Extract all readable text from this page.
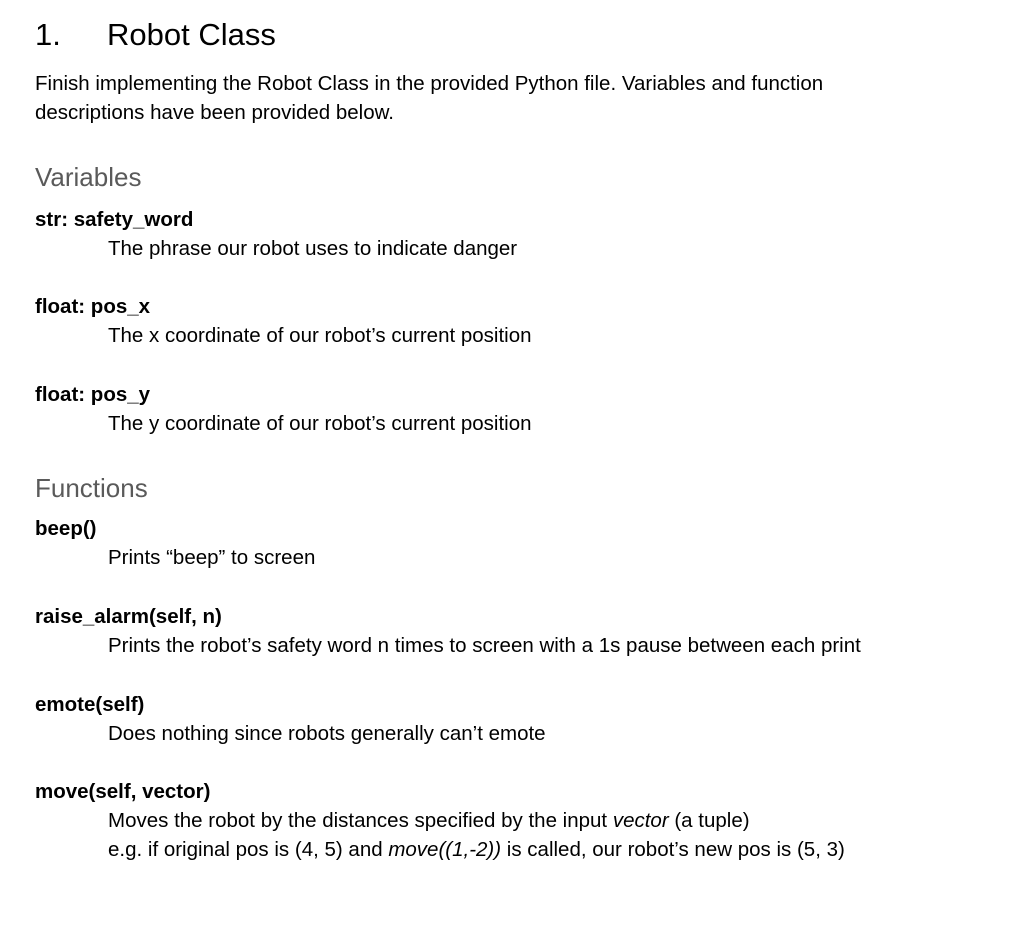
1. Robot Class
Finish implementing the Robot Class in the provided Python file. Variables and function descriptions have been provided below.
Variables
str: safety_word
The phrase our robot uses to indicate danger
float: pos_x
The x coordinate of our robot’s current position
float: pos_y
The y coordinate of our robot’s current position
Functions
beep()
Prints “beep” to screen
raise_alarm(self, n)
Prints the robot’s safety word n times to screen with a 1s pause between each print
emote(self)
Does nothing since robots generally can’t emote
move(self, vector)
Moves the robot by the distances specified by the input vector (a tuple)
e.g. if original pos is (4, 5) and move((1,-2)) is called, our robot’s new pos is (5, 3)
